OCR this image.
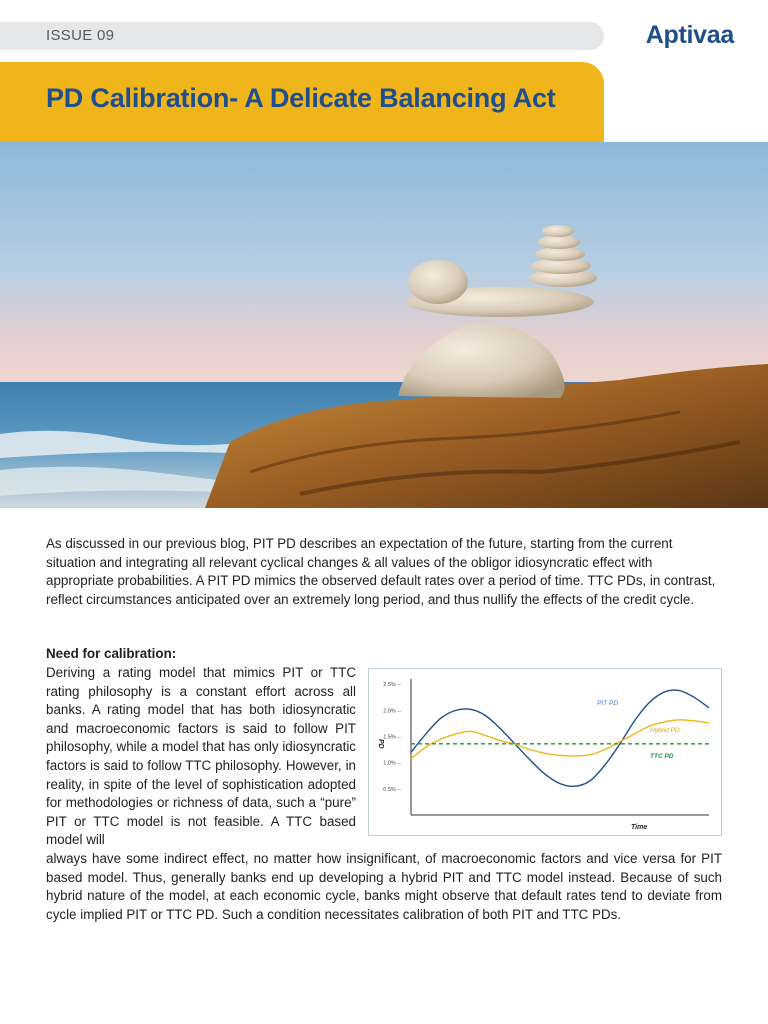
ISSUE 09	Aptivaa
PD Calibration- A Delicate Balancing Act

As discussed in our previous blog, PIT PD describes an expectation of the future, starting from the current situation and integrating all relevant cyclical changes & all values of the obligor idiosyncratic effect with appropriate probabilities. A PIT PD mimics the observed default rates over a period of time. TTC PDs, in contrast, reflect circumstances anticipated over an extremely long period, and thus nullify the effects of the credit cycle.

Need for calibration:

Deriving a rating model that mimics PIT or TTC rating philosophy is a constant effort across all banks. A rating model that has both idiosyncratic and macroeconomic factors is said to follow PIT philosophy, while a model that has only idiosyncratic factors is said to follow TTC philosophy. However, in reality, in spite of the level of sophistication adopted for methodologies or richness of data, such a “pure” PIT or TTC model is not feasible. A TTC based model will

0.5% --
1.0% --
1.5% --
2.0% --
2.5% --
PD
Time
PIT PD
Hybrid PD
TTC PD

always have some indirect effect, no matter how insignificant, of macroeconomic factors and vice versa for PIT based model. Thus, generally banks end up developing a hybrid PIT and TTC model instead. Because of such hybrid nature of the model, at each economic cycle, banks might observe that default rates tend to deviate from cycle implied PIT or TTC PD. Such a condition necessitates calibration of both PIT and TTC PDs.
